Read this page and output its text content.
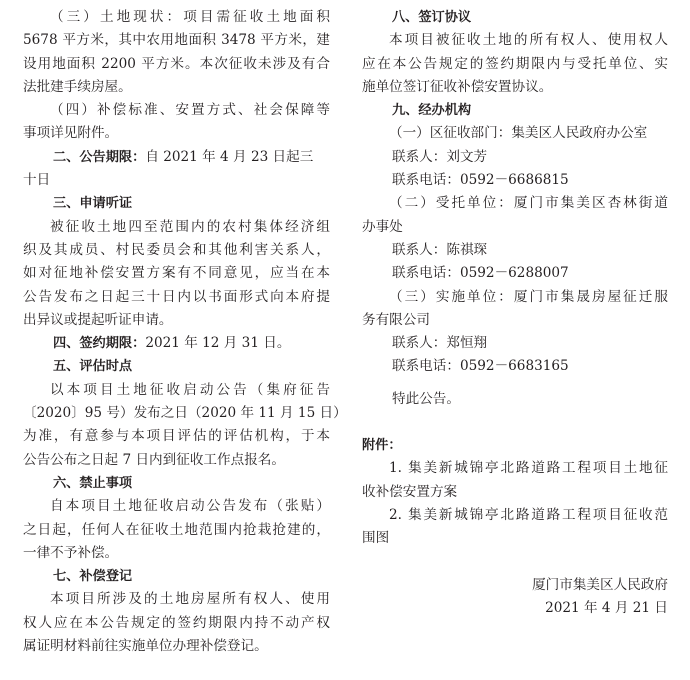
（三）土地现状：项目需征收土地面积
5678 平方米，其中农用地面积 3478 平方米，建
设用地面积 2200 平方米。本次征收未涉及有合
法批建手续房屋。
（四）补偿标准、安置方式、社会保障等
事项详见附件。
二、公告期限：自 2021 年 4 月 23 日起三
十日
三、申请听证
被征收土地四至范围内的农村集体经济组
织及其成员、村民委员会和其他利害关系人，
如对征地补偿安置方案有不同意见，应当在本
公告发布之日起三十日内以书面形式向本府提
出异议或提起听证申请。
四、签约期限：2021 年 12 月 31 日。
五、评估时点
以本项目土地征收启动公告（集府征告
〔2020〕95 号）发布之日（2020 年 11 月 15 日）
为准，有意参与本项目评估的评估机构，于本
公告公布之日起 7 日内到征收工作点报名。
六、禁止事项
自本项目土地征收启动公告发布（张贴）
之日起，任何人在征收土地范围内抢栽抢建的，
一律不予补偿。
七、补偿登记
本项目所涉及的土地房屋所有权人、使用
权人应在本公告规定的签约期限内持不动产权
属证明材料前往实施单位办理补偿登记。
八、签订协议
本项目被征收土地的所有权人、使用权人
应在本公告规定的签约期限内与受托单位、实
施单位签订征收补偿安置协议。
九、经办机构
（一）区征收部门：集美区人民政府办公室
联系人：刘文芳
联系电话：0592－6686815
（二）受托单位：厦门市集美区杏林街道
办事处
联系人：陈祺琛
联系电话：0592－6288007
（三）实施单位：厦门市集晟房屋征迁服
务有限公司
联系人：郑恒翔
联系电话：0592－6683165
特此公告。
附件：
1. 集美新城锦亭北路道路工程项目土地征
收补偿安置方案
2. 集美新城锦亭北路道路工程项目征收范
围图
厦门市集美区人民政府
2021 年 4 月 21 日
